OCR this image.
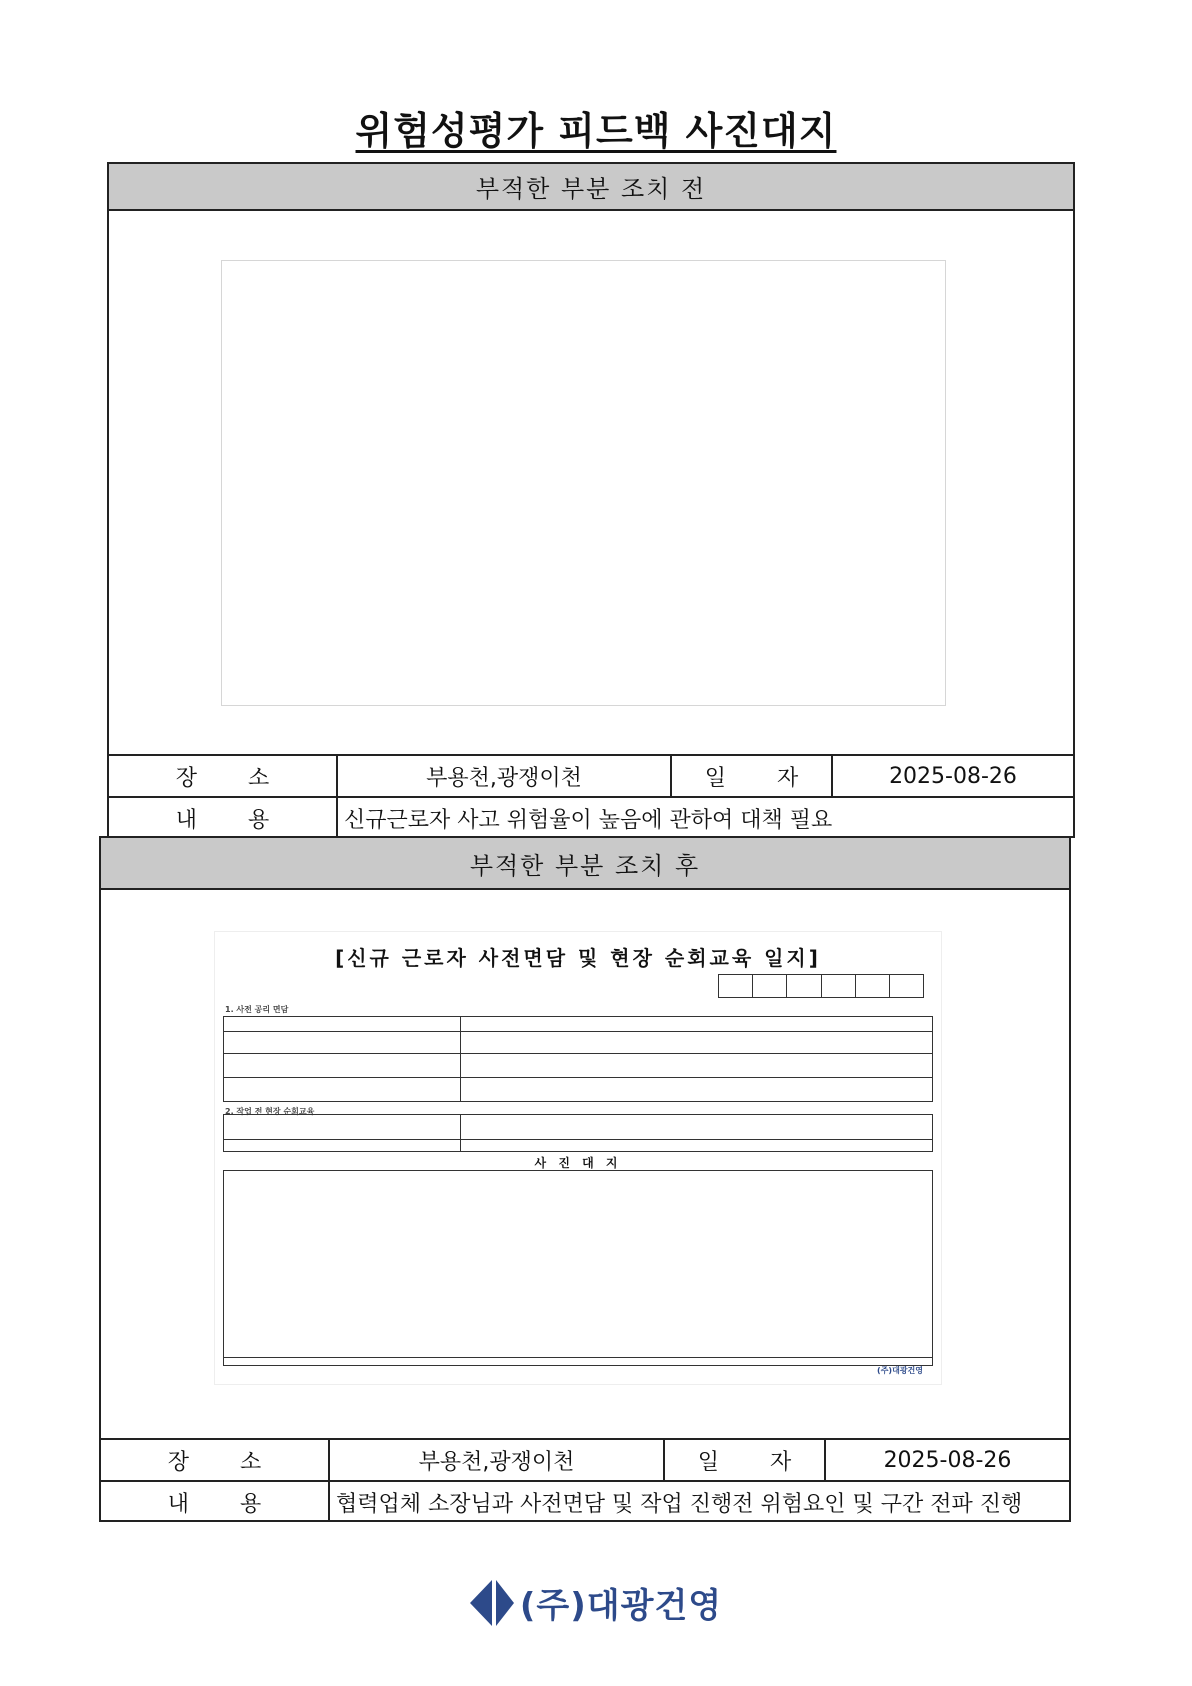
위험성평가 피드백 사진대지
부적한 부분 조치 전
장 소	부용천,광쟁이천	일 자	2025-08-26
내 용	신규근로자 사고 위험율이 높음에 관하여 대책 필요
부적한 부분 조치 후
장 소	부용천,광쟁이천	일 자	2025-08-26
내 용	협력업체 소장님과 사전면담 및 작업 진행전 위험요인 및 구간 전파 진행
[신규 근로자 사전면담 및 현장 순회교육 일지]
1. 사전 공리 면담
2. 작업 전 현장 순회교육
사 진 대 지
(주)대광건영
(주)대광건영
